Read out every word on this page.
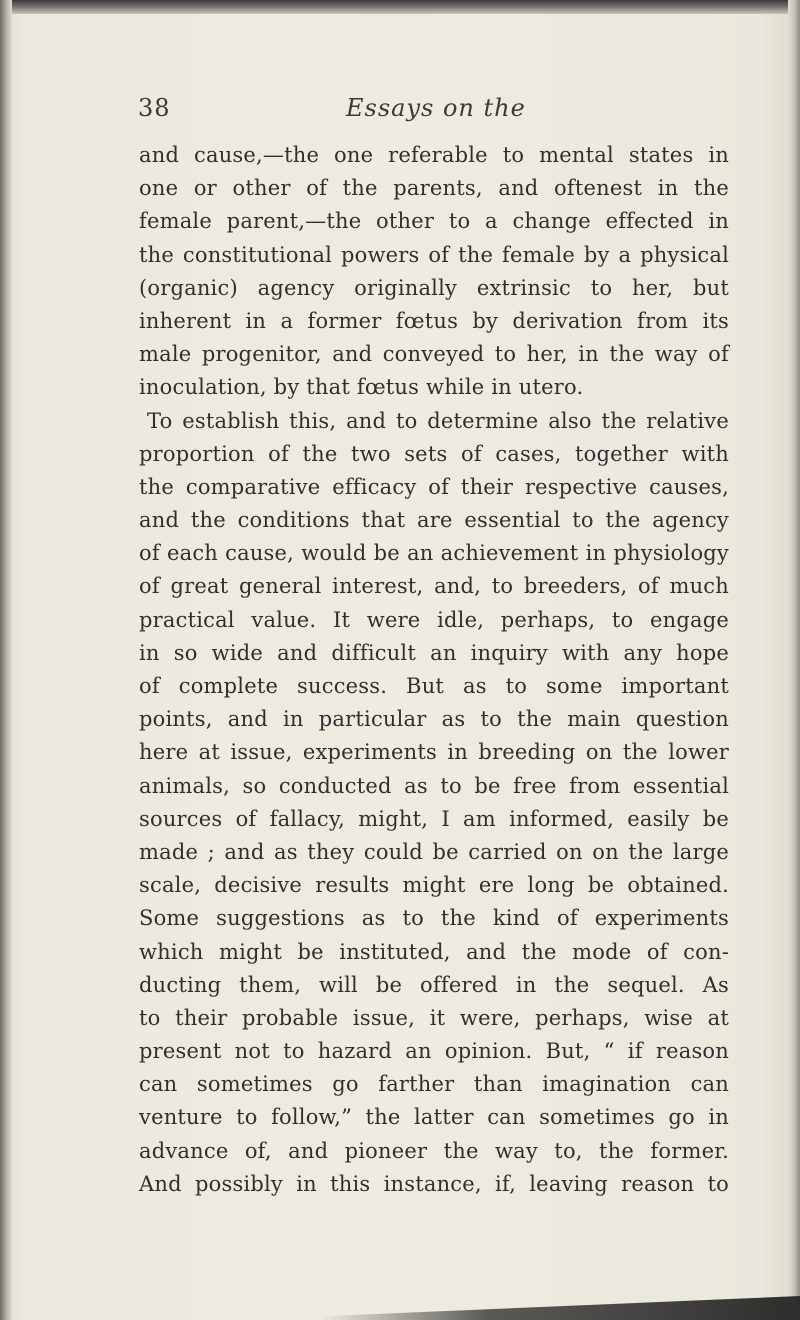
38	Essays on the
and cause,—the one referable to mental states in
one or other of the parents, and oftenest in the
female parent,—the other to a change effected in
the constitutional powers of the female by a physical
(organic) agency originally extrinsic to her, but
inherent in a former fœtus by derivation from its
male progenitor, and conveyed to her, in the way of
inoculation, by that fœtus while in utero.
To establish this, and to determine also the relative
proportion of the two sets of cases, together with
the comparative efficacy of their respective causes,
and the conditions that are essential to the agency
of each cause, would be an achievement in physiology
of great general interest, and, to breeders, of much
practical value. It were idle, perhaps, to engage
in so wide and difficult an inquiry with any hope
of complete success. But as to some important
points, and in particular as to the main question
here at issue, experiments in breeding on the lower
animals, so conducted as to be free from essential
sources of fallacy, might, I am informed, easily be
made ; and as they could be carried on on the large
scale, decisive results might ere long be obtained.
Some suggestions as to the kind of experiments
which might be instituted, and the mode of con-
ducting them, will be offered in the sequel. As
to their probable issue, it were, perhaps, wise at
present not to hazard an opinion. But, “ if reason
can sometimes go farther than imagination can
venture to follow,” the latter can sometimes go in
advance of, and pioneer the way to, the former.
And possibly in this instance, if, leaving reason to
